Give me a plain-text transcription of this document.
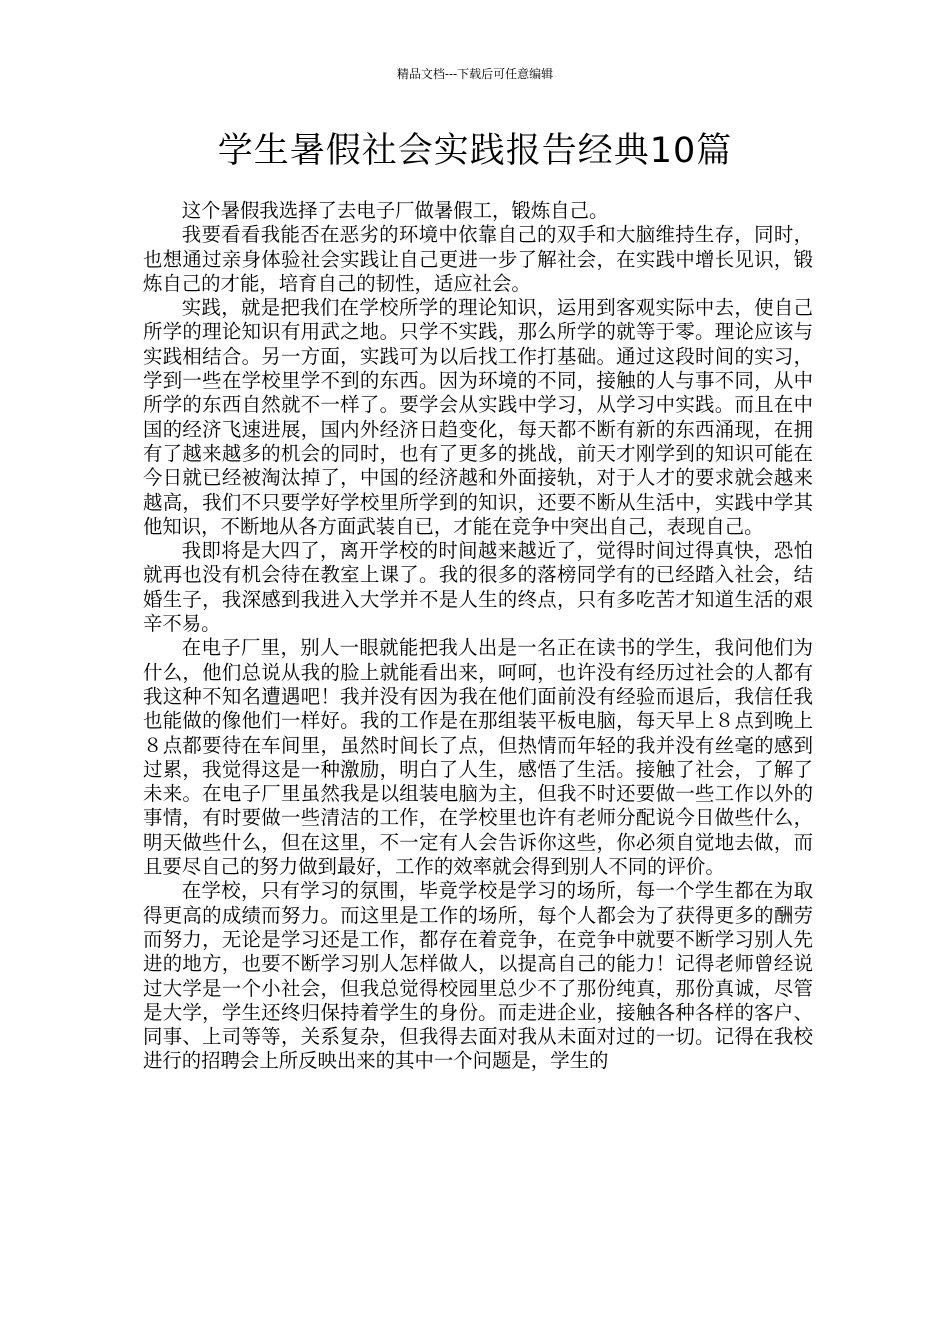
精品文档---下载后可任意编辑
学生暑假社会实践报告经典10篇

这个暑假我选择了去电子厂做暑假工，锻炼自己。

我要看看我能否在恶劣的环境中依靠自己的双手和大脑维持生存，同时，也想通过亲身体验社会实践让自己更进一步了解社会，在实践中增长见识，锻炼自己的才能，培育自己的韧性，适应社会。

实践，就是把我们在学校所学的理论知识，运用到客观实际中去，使自己所学的理论知识有用武之地。只学不实践，那么所学的就等于零。理论应该与实践相结合。另一方面，实践可为以后找工作打基础。通过这段时间的实习，学到一些在学校里学不到的东西。因为环境的不同，接触的人与事不同，从中所学的东西自然就不一样了。要学会从实践中学习，从学习中实践。而且在中国的经济飞速进展，国内外经济日趋变化，每天都不断有新的东西涌现，在拥有了越来越多的机会的同时，也有了更多的挑战，前天才刚学到的知识可能在今日就已经被淘汰掉了，中国的经济越和外面接轨，对于人才的要求就会越来越高，我们不只要学好学校里所学到的知识，还要不断从生活中，实践中学其他知识，不断地从各方面武装自已，才能在竞争中突出自己，表现自己。

我即将是大四了，离开学校的时间越来越近了，觉得时间过得真快，恐怕就再也没有机会待在教室上课了。我的很多的落榜同学有的已经踏入社会，结婚生子，我深感到我进入大学并不是人生的终点，只有多吃苦才知道生活的艰辛不易。

在电子厂里，别人一眼就能把我人出是一名正在读书的学生，我问他们为什么，他们总说从我的脸上就能看出来，呵呵，也许没有经历过社会的人都有我这种不知名遭遇吧！我并没有因为我在他们面前没有经验而退后，我信任我也能做的像他们一样好。我的工作是在那组装平板电脑，每天早上８点到晚上８点都要待在车间里，虽然时间长了点，但热情而年轻的我并没有丝毫的感到过累，我觉得这是一种激励，明白了人生，感悟了生活。接触了社会，了解了未来。在电子厂里虽然我是以组装电脑为主，但我不时还要做一些工作以外的事情，有时要做一些清洁的工作，在学校里也许有老师分配说今日做些什么，明天做些什么，但在这里，不一定有人会告诉你这些，你必须自觉地去做，而且要尽自己的努力做到最好，工作的效率就会得到别人不同的评价。

在学校，只有学习的氛围，毕竟学校是学习的场所，每一个学生都在为取得更高的成绩而努力。而这里是工作的场所，每个人都会为了获得更多的酬劳而努力，无论是学习还是工作，都存在着竞争，在竞争中就要不断学习别人先进的地方，也要不断学习别人怎样做人，以提高自己的能力！记得老师曾经说过大学是一个小社会，但我总觉得校园里总少不了那份纯真，那份真诚，尽管是大学，学生还终归保持着学生的身份。而走进企业，接触各种各样的客户、同事、上司等等，关系复杂，但我得去面对我从未面对过的一切。记得在我校进行的招聘会上所反映出来的其中一个问题是，学生的
